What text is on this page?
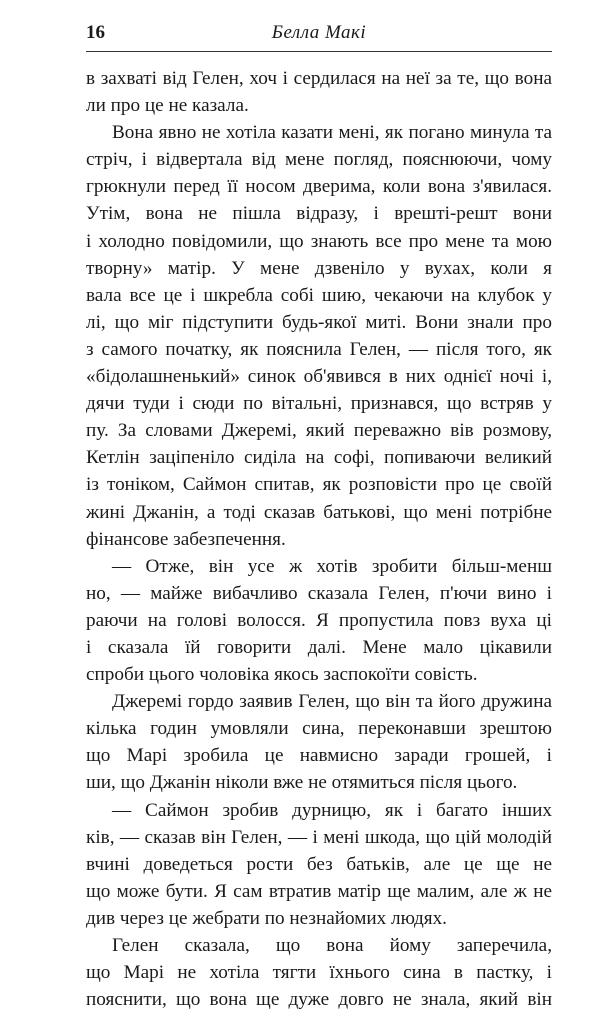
16	Белла Макі
в захваті від Гелен, хоч і сердилася на неї за те, що вона
ли про це не казала.
Вона явно не хотіла казати мені, як погано минула та
стріч, і відвертала від мене погляд, пояснюючи, чому
грюкнули перед її носом дверима, коли вона з'явилася.
Утім, вона не пішла відразу, і врешті-решт вони
і холодно повідомили, що знають все про мене та мою
творну» матір. У мене дзвеніло у вухах, коли я
вала все це і шкребла собі шию, чекаючи на клубок у
лі, що міг підступити будь-якої миті. Вони знали про
з самого початку, як пояснила Гелен, — після того, як
«бідолашненький» синок об'явився в них однієї ночі і,
дячи туди і сюди по вітальні, признався, що встряв у
пу. За словами Джеремі, який переважно вів розмову,
Кетлін заціпеніло сиділа на софі, попиваючи великий
із тоніком, Саймон спитав, як розповісти про це своїй
жині Джанін, а тоді сказав батькові, що мені потрібне
фінансове забезпечення.
— Отже, він усе ж хотів зробити більш-менш
но, — майже вибачливо сказала Гелен, п'ючи вино і
раючи на голові волосся. Я пропустила повз вуха ці
і сказала їй говорити далі. Мене мало цікавили
спроби цього чоловіка якось заспокоїти совість.
Джеремі гордо заявив Гелен, що він та його дружина
кілька годин умовляли сина, переконавши зрештою
що Марі зробила це навмисно заради грошей, і
ши, що Джанін ніколи вже не отямиться після цього.
— Саймон зробив дурницю, як і багато інших
ків, — сказав він Гелен, — і мені шкода, що цій молодій
вчині доведеться рости без батьків, але це ще не
що може бути. Я сам втратив матір ще малим, але ж не
див через це жебрати по незнайомих людях.
Гелен сказала, що вона йому заперечила,
що Марі не хотіла тягти їхнього сина в пастку, і
пояснити, що вона ще дуже довго не знала, який він
